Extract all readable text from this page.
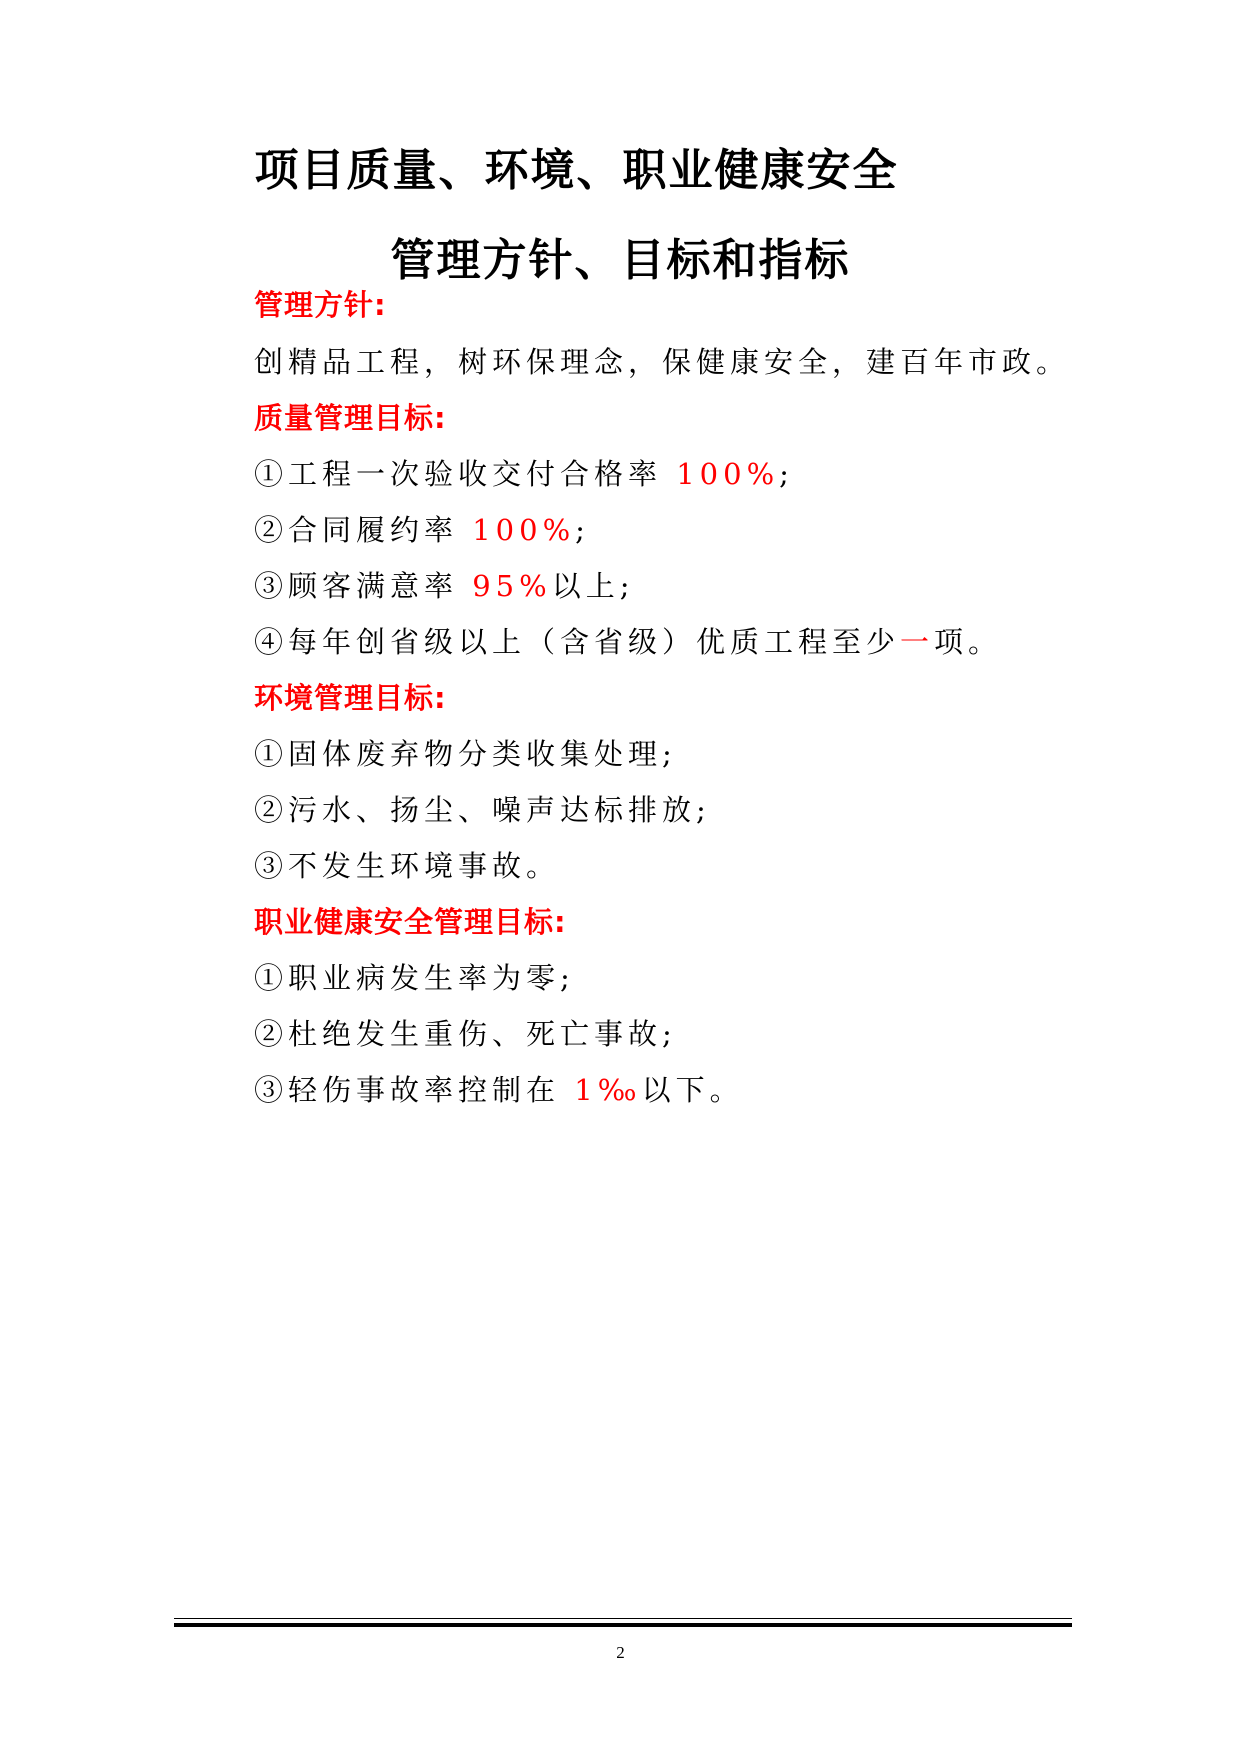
项目质量、环境、职业健康安全
管理方针、目标和指标
管理方针:
创精品工程，树环保理念，保健康安全，建百年市政。
质量管理目标:
①工程一次验收交付合格率 100%;
②合同履约率 100%;
③顾客满意率 95%以上;
④每年创省级以上（含省级）优质工程至少一项。
环境管理目标:
①固体废弃物分类收集处理;
②污水、扬尘、噪声达标排放;
③不发生环境事故。
职业健康安全管理目标:
①职业病发生率为零;
②杜绝发生重伤、死亡事故;
③轻伤事故率控制在 1‰以下。
2
